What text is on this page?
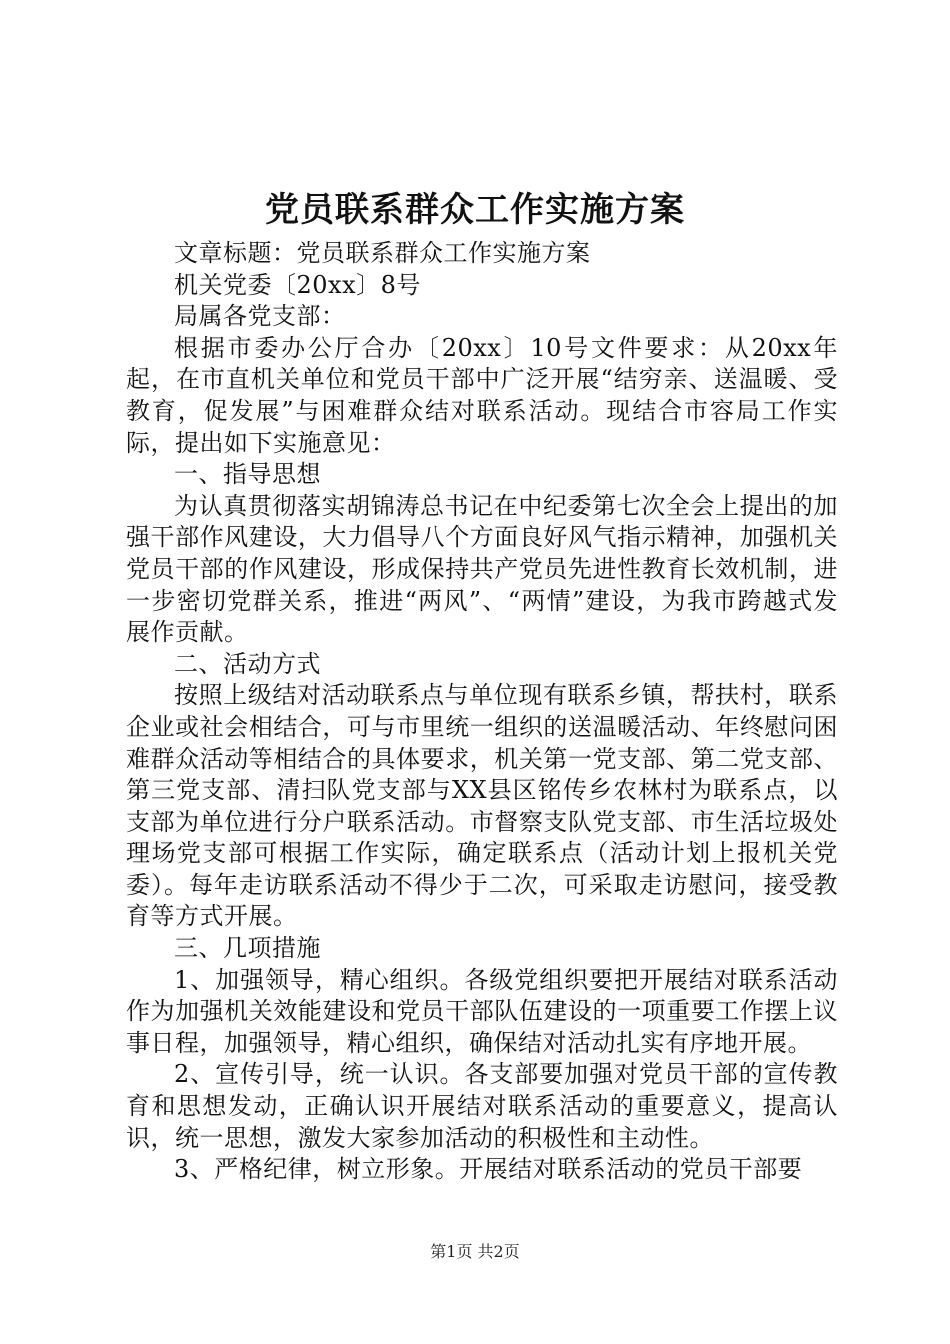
党员联系群众工作实施方案

文章标题：党员联系群众工作实施方案

机关党委〔20xx〕8号

局属各党支部：

根据市委办公厅合办〔20xx〕10号文件要求：从20xx年起，在市直机关单位和党员干部中广泛开展“结穷亲、送温暖、受教育，促发展”与困难群众结对联系活动。现结合市容局工作实际，提出如下实施意见：

一、指导思想

为认真贯彻落实胡锦涛总书记在中纪委第七次全会上提出的加强干部作风建设，大力倡导八个方面良好风气指示精神，加强机关党员干部的作风建设，形成保持共产党员先进性教育长效机制，进一步密切党群关系，推进“两风”、“两情”建设，为我市跨越式发展作贡献。

二、活动方式

按照上级结对活动联系点与单位现有联系乡镇，帮扶村，联系企业或社会相结合，可与市里统一组织的送温暖活动、年终慰问困难群众活动等相结合的具体要求，机关第一党支部、第二党支部、第三党支部、清扫队党支部与XX县区铭传乡农林村为联系点，以支部为单位进行分户联系活动。市督察支队党支部、市生活垃圾处理场党支部可根据工作实际，确定联系点（活动计划上报机关党委）。每年走访联系活动不得少于二次，可采取走访慰问，接受教育等方式开展。

三、几项措施

1、加强领导，精心组织。各级党组织要把开展结对联系活动作为加强机关效能建设和党员干部队伍建设的一项重要工作摆上议事日程，加强领导，精心组织，确保结对活动扎实有序地开展。

2、宣传引导，统一认识。各支部要加强对党员干部的宣传教育和思想发动，正确认识开展结对联系活动的重要意义，提高认识，统一思想，激发大家参加活动的积极性和主动性。

3、严格纪律，树立形象。开展结对联系活动的党员干部要

第1页 共2页
